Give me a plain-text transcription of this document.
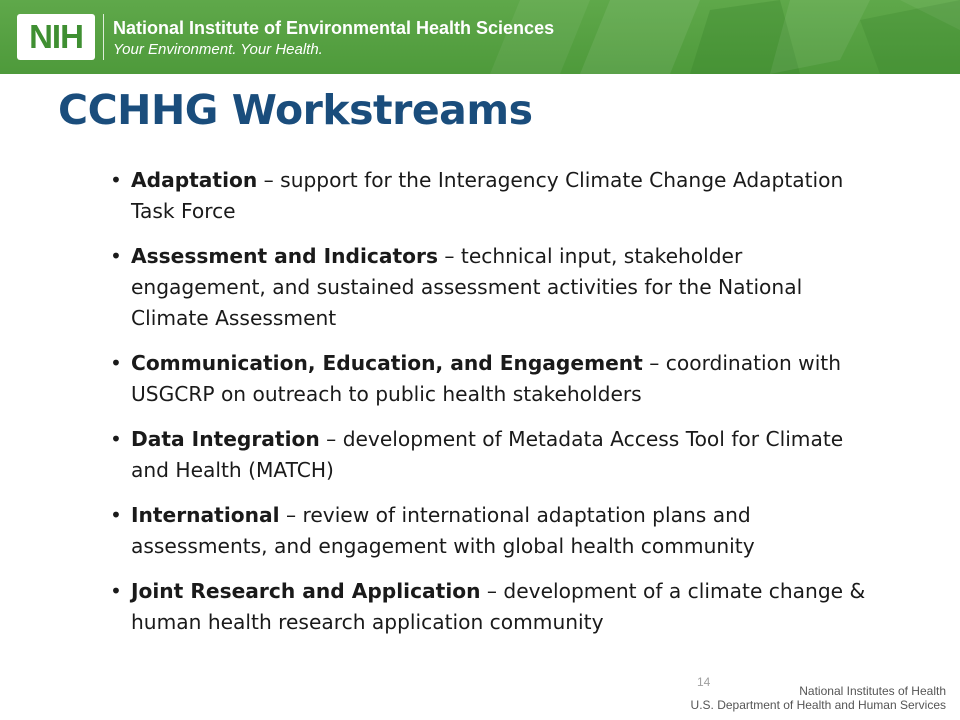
NIH National Institute of Environmental Health Sciences
Your Environment. Your Health.
CCHHG Workstreams
• Adaptation – support for the Interagency Climate Change Adaptation Task Force
• Assessment and Indicators – technical input, stakeholder engagement, and sustained assessment activities for the National Climate Assessment
• Communication, Education, and Engagement – coordination with USGCRP on outreach to public health stakeholders
• Data Integration – development of Metadata Access Tool for Climate and Health (MATCH)
• International – review of international adaptation plans and assessments, and engagement with global health community
• Joint Research and Application – development of a climate change & human health research application community
14
National Institutes of Health
U.S. Department of Health and Human Services
